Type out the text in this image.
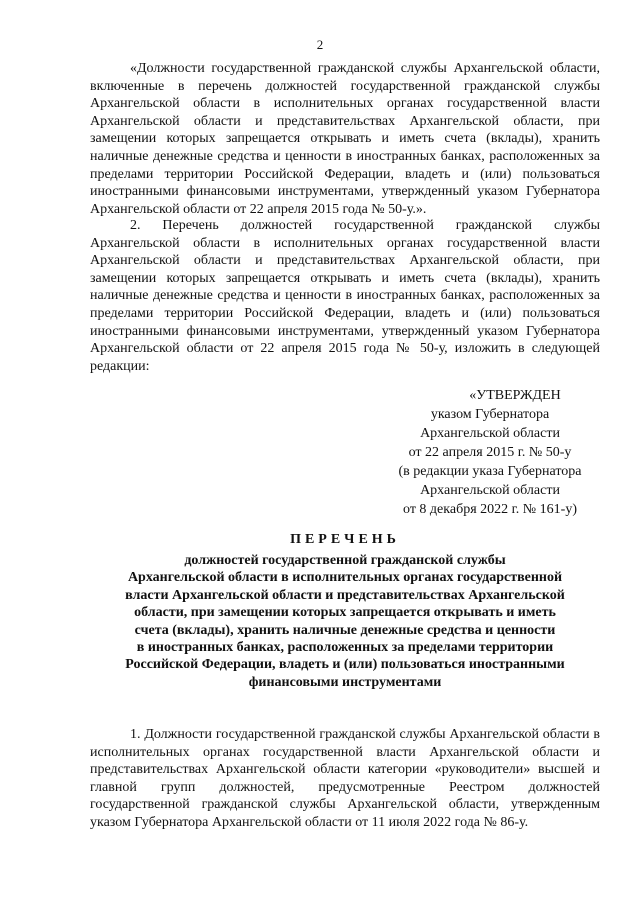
2

«Должности государственной гражданской службы Архангельской области, включенные в перечень должностей государственной гражданской службы Архангельской области в исполнительных органах государственной власти Архангельской области и представительствах Архангельской области, при замещении которых запрещается открывать и иметь счета (вклады), хранить наличные денежные средства и ценности в иностранных банках, расположенных за пределами территории Российской Федерации, владеть и (или) пользоваться иностранными финансовыми инструментами, утвержденный указом Губернатора Архангельской области от 22 апреля 2015 года № 50-у.».

2. Перечень должностей государственной гражданской службы Архангельской области в исполнительных органах государственной власти Архангельской области и представительствах Архангельской области, при замещении которых запрещается открывать и иметь счета (вклады), хранить наличные денежные средства и ценности в иностранных банках, расположенных за пределами территории Российской Федерации, владеть и (или) пользоваться иностранными финансовыми инструментами, утвержденный указом Губернатора Архангельской области от 22 апреля 2015 года № 50-у, изложить в следующей редакции:

«УТВЕРЖДЕН
указом Губернатора
Архангельской области
от 22 апреля 2015 г. № 50-у
(в редакции указа Губернатора
Архангельской области
от 8 декабря 2022 г. № 161-у)
ПЕРЕЧЕНЬ
должностей государственной гражданской службы
Архангельской области в исполнительных органах государственной
власти Архангельской области и представительствах Архангельской
области, при замещении которых запрещается открывать и иметь
счета (вклады), хранить наличные денежные средства и ценности
в иностранных банках, расположенных за пределами территории
Российской Федерации, владеть и (или) пользоваться иностранными
финансовыми инструментами

1. Должности государственной гражданской службы Архангельской области в исполнительных органах государственной власти Архангельской области и представительствах Архангельской области категории «руководители» высшей и главной групп должностей, предусмотренные Реестром должностей государственной гражданской службы Архангельской области, утвержденным указом Губернатора Архангельской области от 11 июля 2022 года № 86-у.
